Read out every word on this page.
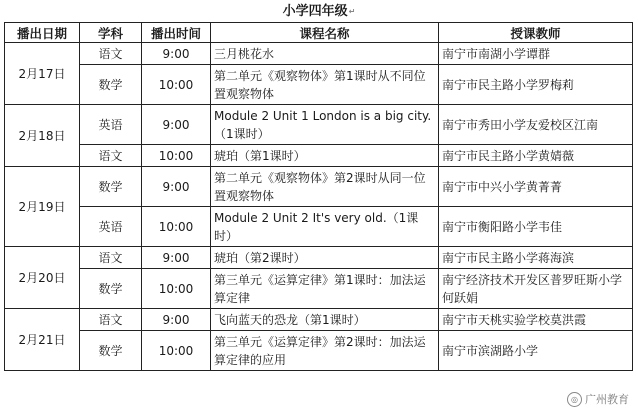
小学四年级↵
播出日期	学科	播出时间	课程名称	授课教师
2月17日	语文	9:00	三月桃花水	南宁市南湖小学谭群
	数学	10:00	第二单元《观察物体》第1课时从不同位置观察物体	南宁市民主路小学罗梅莉
2月18日	英语	9:00	Module 2 Unit 1 London is a big city.（1课时）	南宁市秀田小学友爱校区江南
	语文	10:00	琥珀（第1课时）	南宁市民主路小学黄婧薇
2月19日	数学	9:00	第二单元《观察物体》第2课时从同一位置观察物体	南宁市中兴小学黄菁菁
	英语	10:00	Module 2 Unit 2 It's very old.（1课时）	南宁市衡阳路小学韦佳
2月20日	语文	9:00	琥珀（第2课时）	南宁市民主路小学蒋海滨
	数学	10:00	第三单元《运算定律》第1课时：加法运算定律	南宁经济技术开发区普罗旺斯小学何跃娟
2月21日	语文	9:00	飞向蓝天的恐龙（第1课时）	南宁市天桃实验学校莫洪霞
	数学	10:00	第三单元《运算定律》第2课时：加法运算定律的应用	南宁市滨湖路小学
◎ 广州教育
